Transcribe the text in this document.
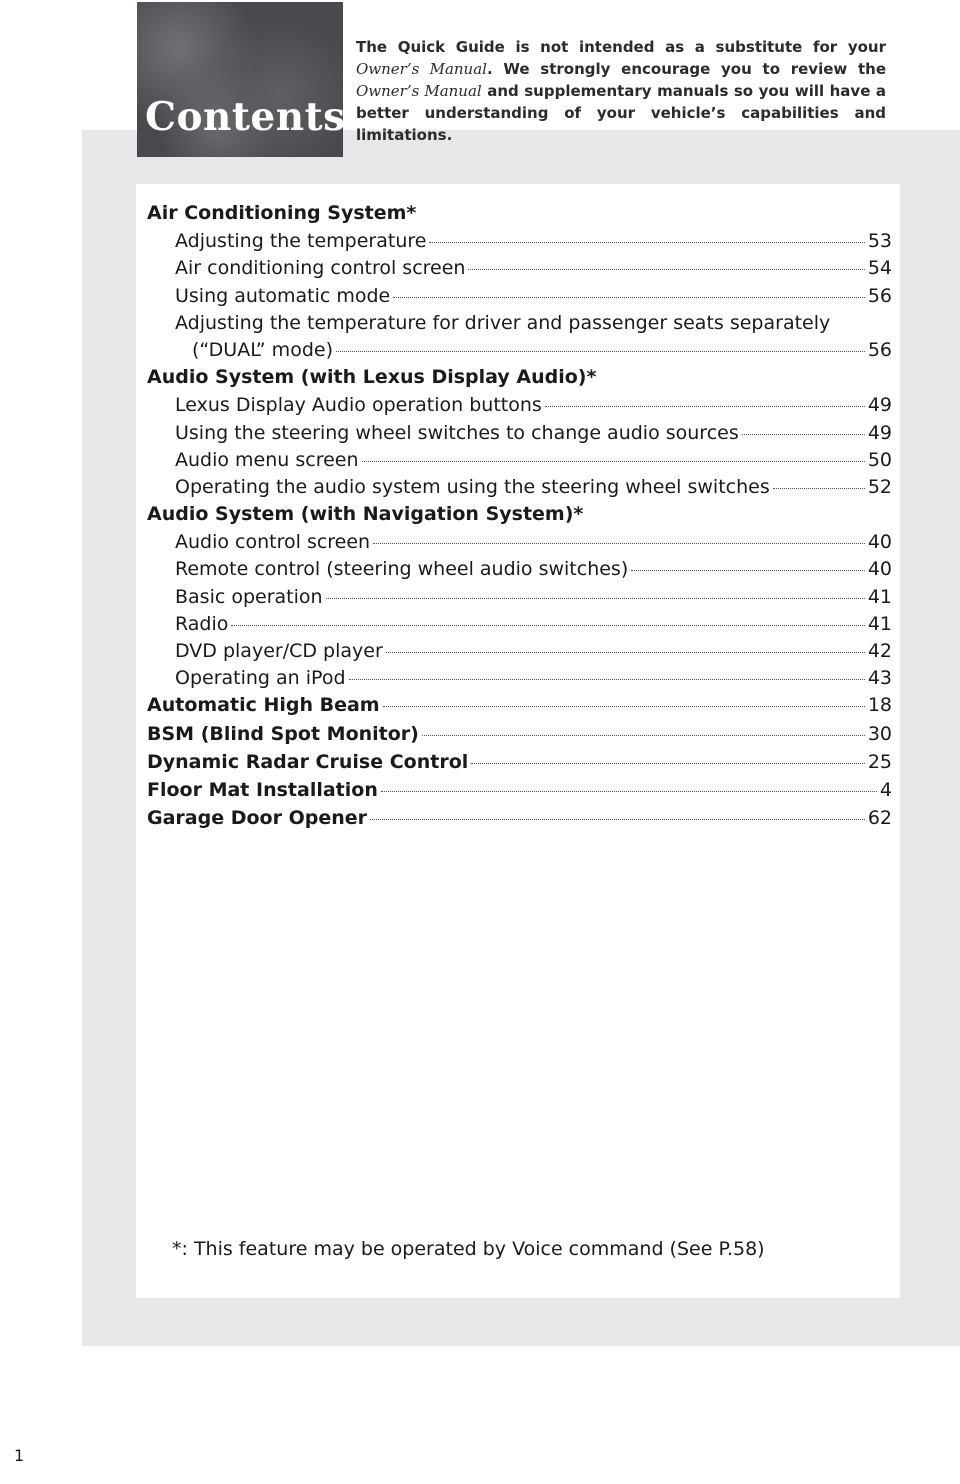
Contents
The Quick Guide is not intended as a substitute for your Owner’s Manual. We strongly encourage you to review the Owner’s Manual and supplementary manuals so you will have a better understanding of your vehicle’s capabilities and limitations.
Air Conditioning System*
Adjusting the temperature	53
Air conditioning control screen	54
Using automatic mode	56
Adjusting the temperature for driver and passenger seats separately
(“DUAL” mode)	56
Audio System (with Lexus Display Audio)*
Lexus Display Audio operation buttons	49
Using the steering wheel switches to change audio sources	49
Audio menu screen	50
Operating the audio system using the steering wheel switches	52
Audio System (with Navigation System)*
Audio control screen	40
Remote control (steering wheel audio switches)	40
Basic operation	41
Radio	41
DVD player/CD player	42
Operating an iPod	43
Automatic High Beam	18
BSM (Blind Spot Monitor)	30
Dynamic Radar Cruise Control	25
Floor Mat Installation	4
Garage Door Opener	62
*: This feature may be operated by Voice command (See P.58)
1
